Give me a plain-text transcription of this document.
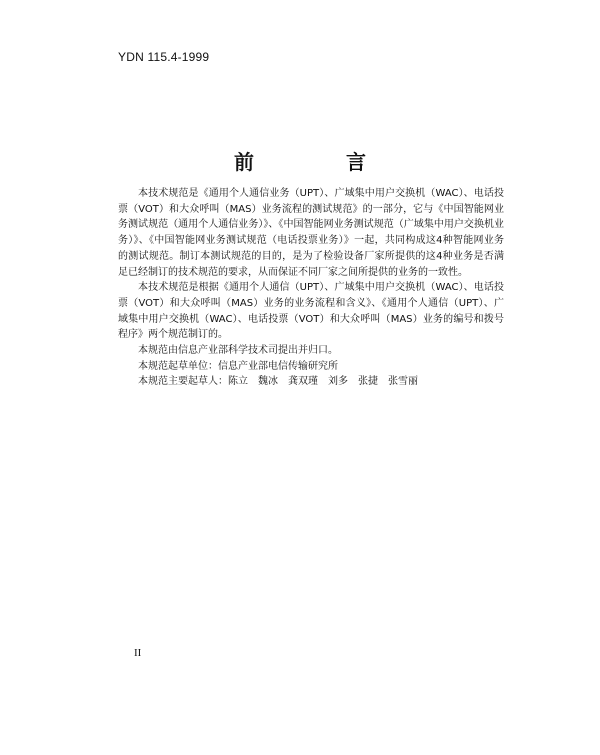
YDN 115.4-1999
前　言

本技术规范是《通用个人通信业务（UPT）、广域集中用户交换机（WAC）、电话投票（VOT）和大众呼叫（MAS）业务流程的测试规范》的一部分，它与《中国智能网业务测试规范（通用个人通信业务）》、《中国智能网业务测试规范（广域集中用户交换机业务）》、《中国智能网业务测试规范（电话投票业务）》一起，共同构成这4种智能网业务的测试规范。制订本测试规范的目的，是为了检验设备厂家所提供的这4种业务是否满足已经制订的技术规范的要求，从而保证不同厂家之间所提供的业务的一致性。

本技术规范是根据《通用个人通信（UPT）、广域集中用户交换机（WAC）、电话投票（VOT）和大众呼叫（MAS）业务的业务流程和含义》、《通用个人通信（UPT）、广域集中用户交换机（WAC）、电话投票（VOT）和大众呼叫（MAS）业务的编号和拨号程序》两个规范制订的。

本规范由信息产业部科学技术司提出并归口。

本规范起草单位：信息产业部电信传输研究所

本规范主要起草人：陈立　魏冰　龚双瑾　刘多　张捷　张雪丽

II
